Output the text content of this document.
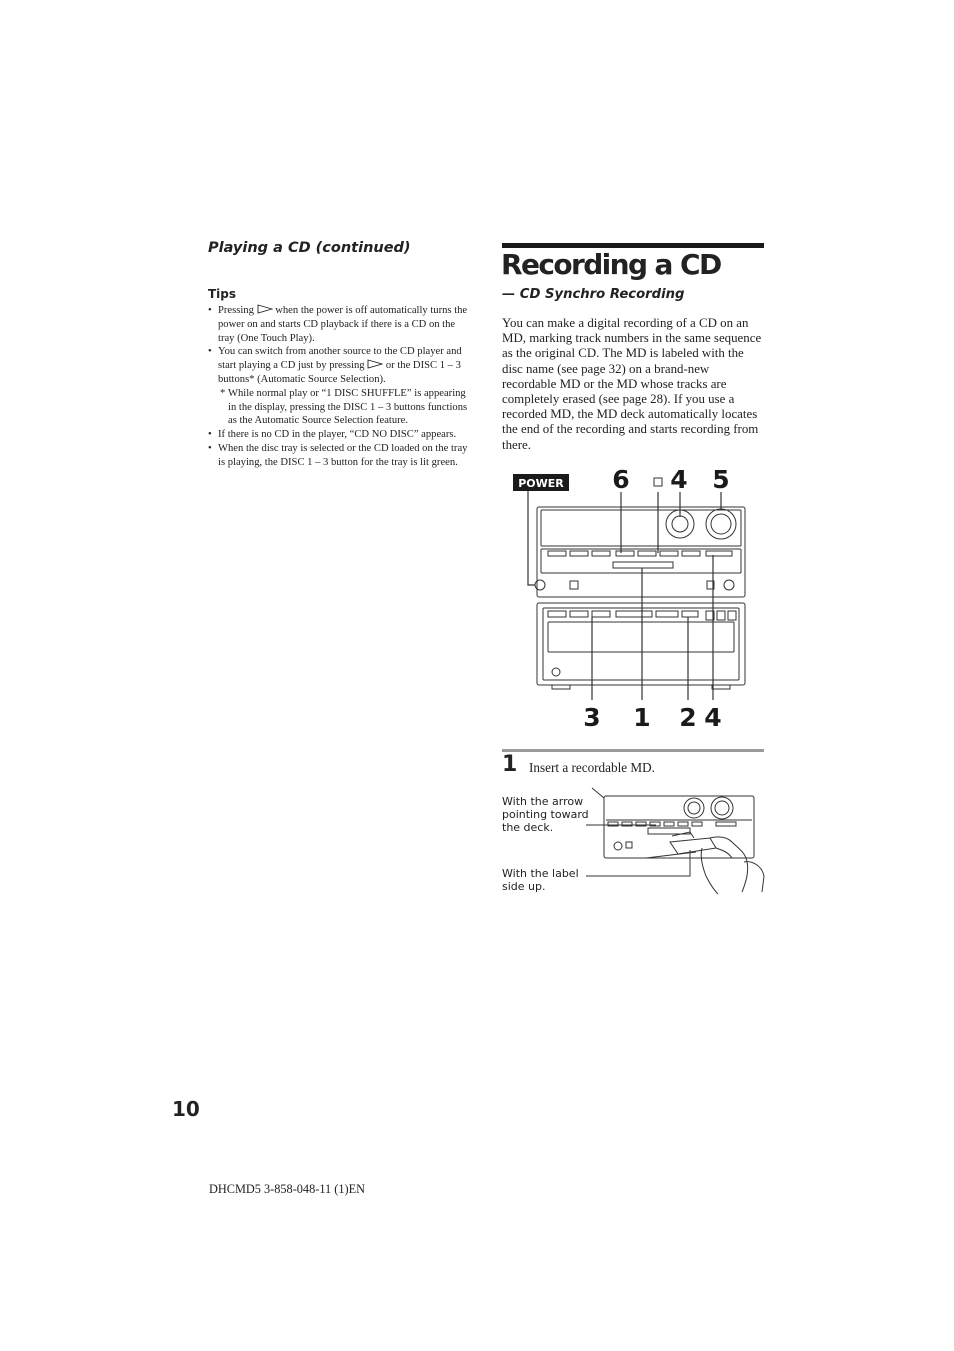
Playing a CD (continued)
Tips

• Pressing when the power is off automatically turns the power on and starts CD playback if there is a CD on the tray (One Touch Play).

• You can switch from another source to the CD player and start playing a CD just by pressing or the DISC 1 – 3 buttons* (Automatic Source Selection).

* While normal play or “1 DISC SHUFFLE” is appearing in the display, pressing the DISC 1 – 3 buttons functions as the Automatic Source Selection feature.

• If there is no CD in the player, “CD NO DISC” appears.

• When the disc tray is selected or the CD loaded on the tray is playing, the DISC 1 – 3 button for the tray is lit green.

Recording a CD
— CD Synchro Recording
You can make a digital recording of a CD on an MD, marking track numbers in the same sequence as the original CD. The MD is labeled with the disc name (see page 32) on a brand-new recordable MD or the MD whose tracks are completely erased (see page 28). If you use a recorded MD, the MD deck automatically locates the end of the recording and starts recording from there.
POWER 6 4 5
3 1 2 4
1 Insert a recordable MD.
With the arrow pointing toward the deck.
With the label side up.
10
DHCMD5 3-858-048-11 (1)EN
